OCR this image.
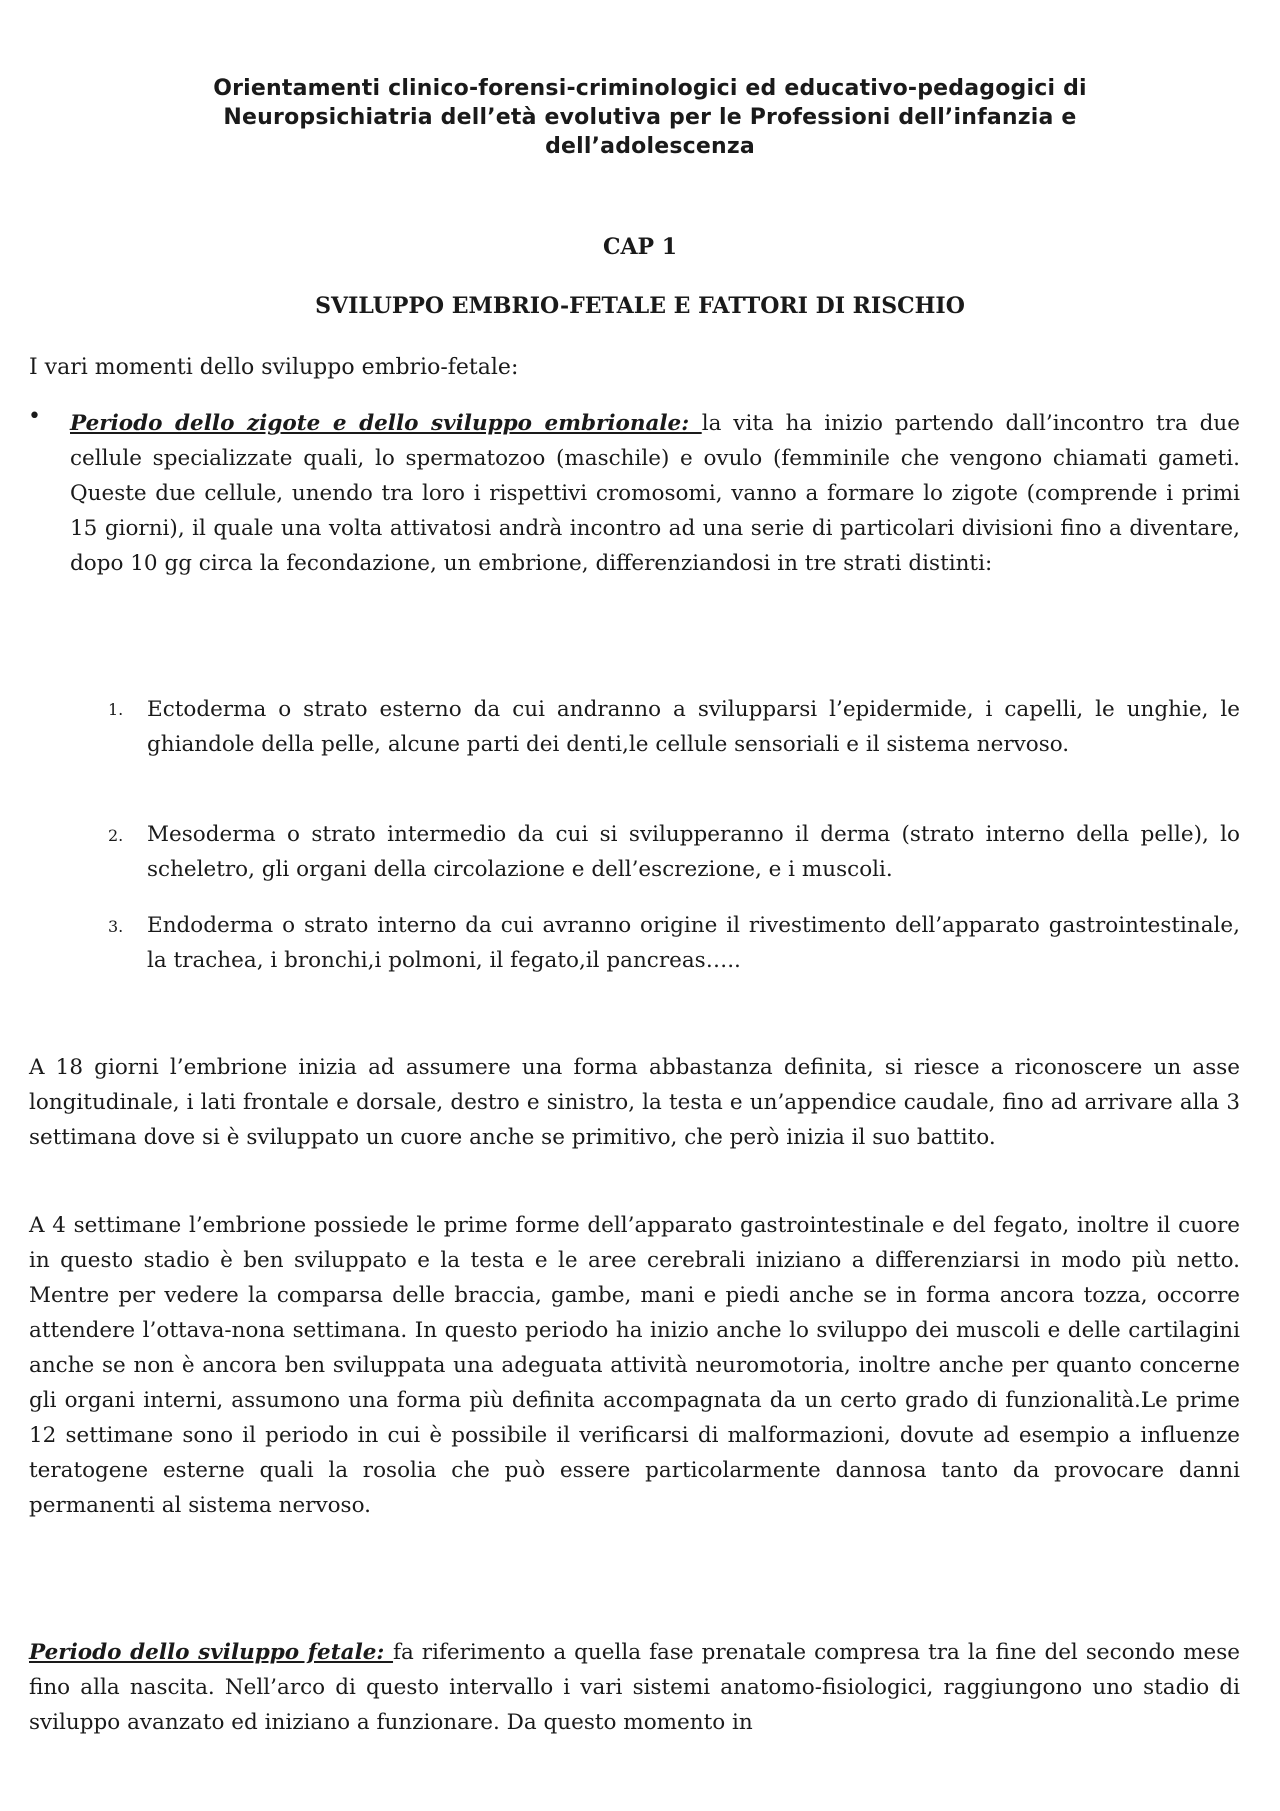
Orientamenti clinico-forensi-criminologici ed educativo-pedagogici di
Neuropsichiatria dell’età evolutiva per le Professioni dell’infanzia e
dell’adolescenza
CAP 1
SVILUPPO EMBRIO-FETALE E FATTORI DI RISCHIO
I vari momenti dello sviluppo embrio-fetale:
• Periodo dello zigote e dello sviluppo embrionale: la vita ha inizio partendo dall’incontro tra due cellule specializzate quali, lo spermatozoo (maschile) e ovulo (femminile che vengono chiamati gameti. Queste due cellule, unendo tra loro i rispettivi cromosomi, vanno a formare lo zigote (comprende i primi 15 giorni), il quale una volta attivatosi andrà incontro ad una serie di particolari divisioni fino a diventare, dopo 10 gg circa la fecondazione, un embrione, differenziandosi in tre strati distinti:
1. Ectoderma o strato esterno da cui andranno a svilupparsi l’epidermide, i capelli, le unghie, le ghiandole della pelle, alcune parti dei denti,le cellule sensoriali e il sistema nervoso.
2. Mesoderma o strato intermedio da cui si svilupperanno il derma (strato interno della pelle), lo scheletro, gli organi della circolazione e dell’escrezione, e i muscoli.
3. Endoderma o strato interno da cui avranno origine il rivestimento dell’apparato gastrointestinale, la trachea, i bronchi,i polmoni, il fegato,il pancreas…..
A 18 giorni l’embrione inizia ad assumere una forma abbastanza definita, si riesce a riconoscere un asse longitudinale, i lati frontale e dorsale, destro e sinistro, la testa e un’appendice caudale, fino ad arrivare alla 3 settimana dove si è sviluppato un cuore anche se primitivo, che però inizia il suo battito.
A 4 settimane l’embrione possiede le prime forme dell’apparato gastrointestinale e del fegato, inoltre il cuore in questo stadio è ben sviluppato e la testa e le aree cerebrali iniziano a differenziarsi in modo più netto. Mentre per vedere la comparsa delle braccia, gambe, mani e piedi anche se in forma ancora tozza, occorre attendere l’ottava-nona settimana. In questo periodo ha inizio anche lo sviluppo dei muscoli e delle cartilagini anche se non è ancora ben sviluppata una adeguata attività neuromotoria, inoltre anche per quanto concerne gli organi interni, assumono una forma più definita accompagnata da un certo grado di funzionalità.Le prime 12 settimane sono il periodo in cui è possibile il verificarsi di malformazioni, dovute ad esempio a influenze teratogene esterne quali la rosolia che può essere particolarmente dannosa tanto da provocare danni permanenti al sistema nervoso.
Periodo dello sviluppo fetale: fa riferimento a quella fase prenatale compresa tra la fine del secondo mese fino alla nascita. Nell’arco di questo intervallo i vari sistemi anatomo-fisiologici, raggiungono uno stadio di sviluppo avanzato ed iniziano a funzionare. Da questo momento in
